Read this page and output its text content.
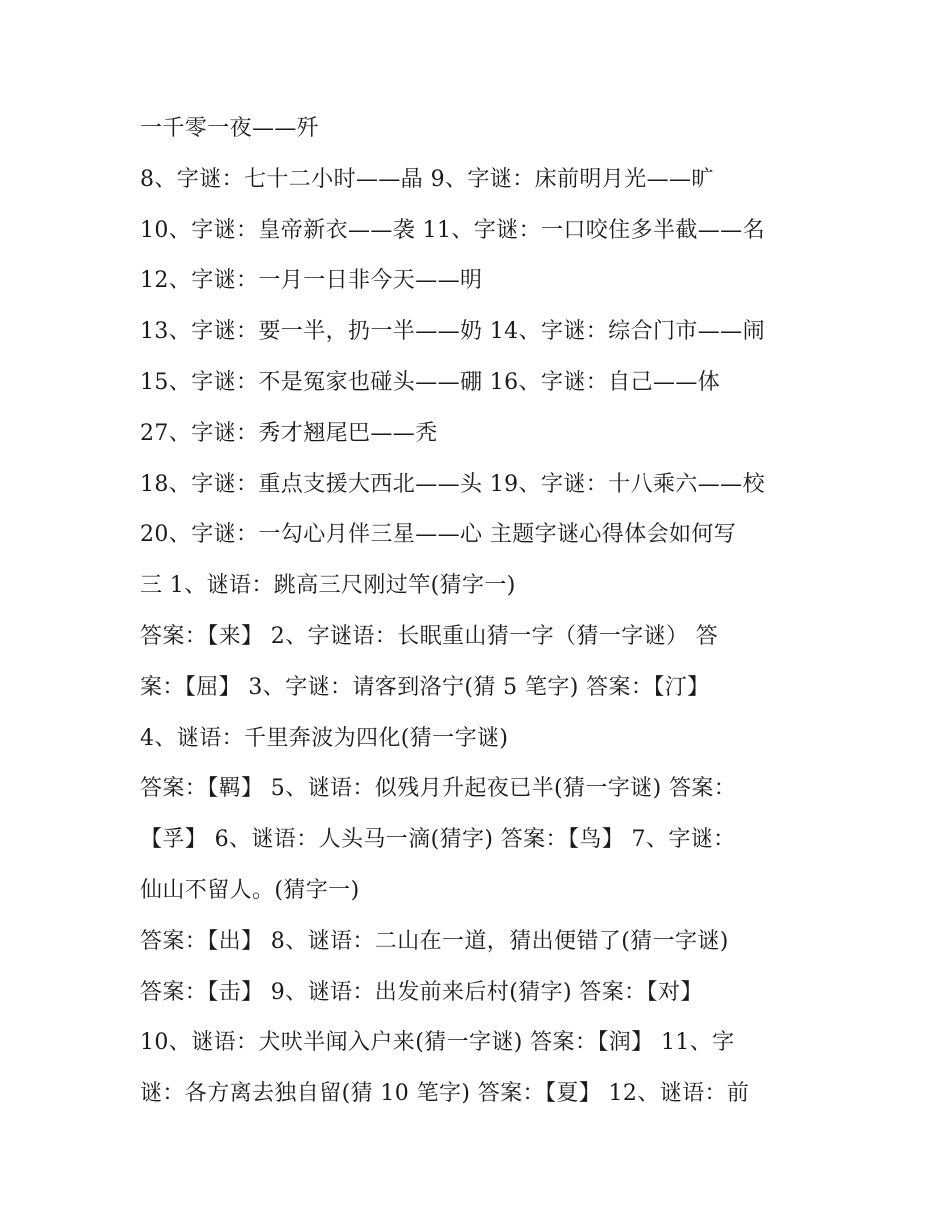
一千零一夜——歼
8、字谜：七十二小时——晶 9、字谜：床前明月光——旷
10、字谜：皇帝新衣——袭 11、字谜：一口咬住多半截——名
12、字谜：一月一日非今天——明
13、字谜：要一半，扔一半——奶 14、字谜：综合门市——闹
15、字谜：不是冤家也碰头——硼 16、字谜：自己——体
27、字谜：秀才翘尾巴——秃
18、字谜：重点支援大西北——头 19、字谜：十八乘六——校
20、字谜：一勾心月伴三星——心 主题字谜心得体会如何写
三 1、谜语：跳高三尺刚过竿(猜字一)
答案：【来】 2、字谜语：长眠重山猜一字（猜一字谜） 答
案：【屈】 3、字谜：请客到洛宁(猜 5 笔字) 答案：【汀】
4、谜语：千里奔波为四化(猜一字谜)
答案：【羁】 5、谜语：似残月升起夜已半(猜一字谜) 答案：
【孚】 6、谜语：人头马一滴(猜字) 答案：【鸟】 7、字谜：
仙山不留人。(猜字一)
答案：【出】 8、谜语：二山在一道，猜出便错了(猜一字谜)
答案：【击】 9、谜语：出发前来后村(猜字) 答案：【对】
10、谜语：犬吠半闻入户来(猜一字谜) 答案：【润】 11、字
谜：各方离去独自留(猜 10 笔字) 答案：【夏】 12、谜语：前
